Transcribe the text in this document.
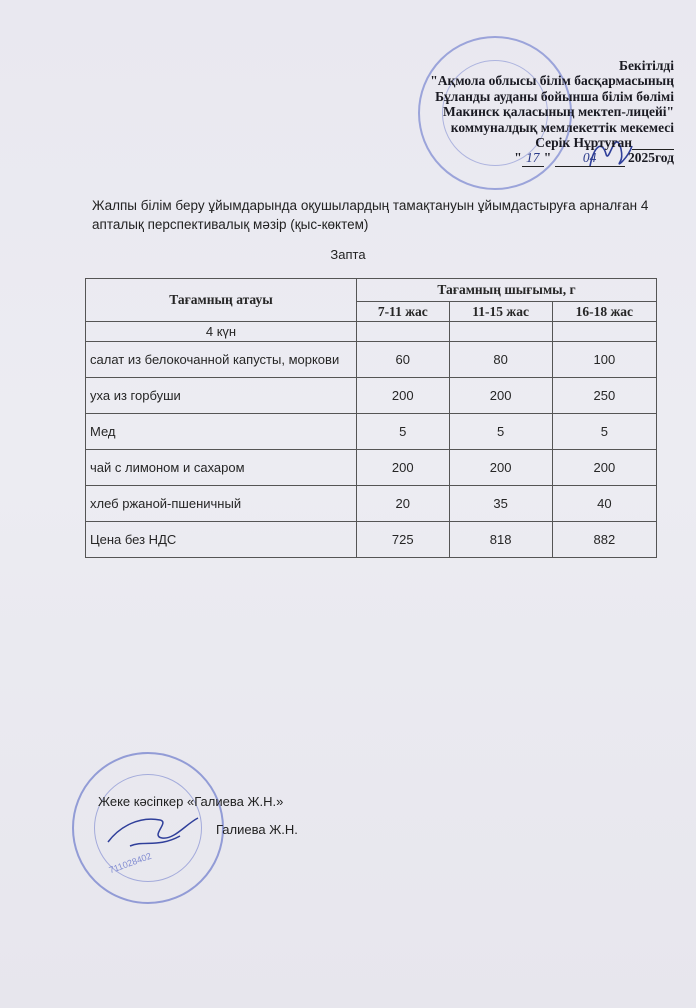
Бекітілді
"Ақмола облысы білім басқармасының
Бұланды ауданы бойынша білім бөлімі
Макинск қаласының мектеп-лицейі"
коммуналдық мемлекеттік мекемесі
Серік Нұртуған
" 17 " 04 2025год
Жалпы білім беру ұйымдарында оқушылардың тамақтануын ұйымдастыруға арналған 4 апталық перспективалық мәзір (қыс-көктем)
Запта
Тағамның атауы	Тағамның шығымы, г		
	7-11 жас	11-15 жас	16-18 жас
4 күн			
салат из белокочанной капусты, моркови	60	80	100
уха из горбуши	200	200	250
Мед	5	5	5
чай с лимоном и сахаром	200	200	200
хлеб ржаной-пшеничный	20	35	40
Цена без НДС	725	818	882
711028402
Жеке кәсіпкер «Галиева Ж.Н.»
Галиева Ж.Н.
